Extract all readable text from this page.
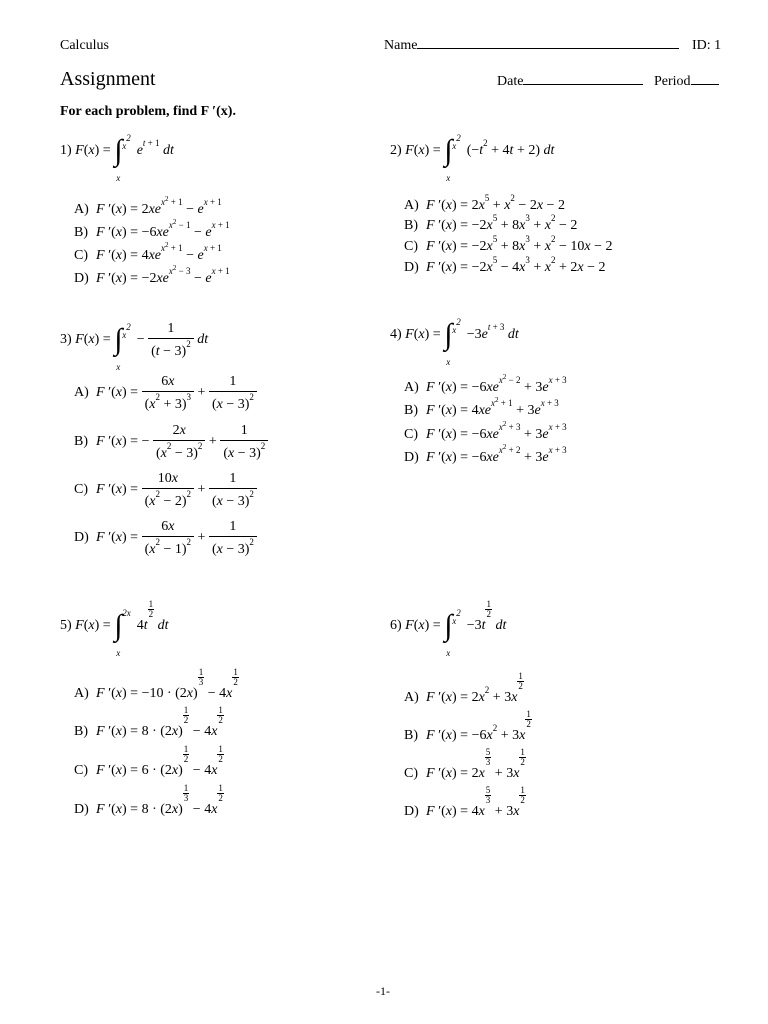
Calculus	Name	ID: 1
Assignment	Date	Period
For each problem, find F ′(x).
1) F(x) = ∫ $x^2$
x
$e^{t + 1}$ dt
A) F $'(x) = 2xe^{x^2 + 1} - e^{x + 1}$
B) F $'(x) = -6xe^{x^2 - 1} - e^{x + 1}$
C) F $'(x) = 4xe^{x^2 + 1} - e^{x + 1}$
D) F $'(x) = -2xe^{x^2 - 3} - e^{x + 1}$
2) F(x) = ∫ $x^2$
x
$(-t^2 + 4t + 2)$ dt
A) F $'(x) = 2x^5 + x^2 - 2x - 2$
B) F $'(x) = -2x^5 + 8x^3 + x^2 - 2$
C) F $'(x) = -2x^5 + 8x^3 + x^2 - 10x - 2$
D) F $'(x) = -2x^5 - 4x^3 + x^2 + 2x - 2$
3) F(x) = ∫ $x^2$
x
− $\frac{1}{(t - 3)^2}$ dt
A) F $'(x) = \frac{6x}{(x^2 + 3)^3} + \frac{1}{(x - 3)^2}$
B) F ′(x) = − $\frac{2x}{(x^2 - 3)^2} + \frac{1}{(x - 3)^2}$
C) F $'(x) = \frac{10x}{(x^2 - 2)^2} + \frac{1}{(x - 3)^2}$
D) F $'(x) = \frac{6x}{(x^2 - 1)^2} + \frac{1}{(x - 3)^2}$
4) F(x) = ∫ $x^2$
x
$-3e^{t + 3}$ dt
A) F $'(x) = -6xe^{x^2 - 2} + 3e^{x + 3}$
B) F $'(x) = 4xe^{x^2 + 1} + 3e^{x + 3}$
C) F $'(x) = -6xe^{x^2 + 3} + 3e^{x + 3}$
D) F $'(x) = -6xe^{x^2 + 2} + 3e^{x + 3}$
5) F(x) = ∫ 2x
x
4t
$\frac{1}{2}$
dt
A) F ′(x) = −10 · (2x)
$\frac{1}{3}$
− 4x
$\frac{1}{2}$
B) F ′(x) = 8 · (2x)
$\frac{1}{2}$
− 4x
$\frac{1}{2}$
C) F ′(x) = 6 · (2x)
$\frac{1}{2}$
− 4x
$\frac{1}{2}$
D) F ′(x) = 8 · (2x)
$\frac{1}{3}$
− 4x
$\frac{1}{2}$
6) F(x) = ∫ $x^2$
x
−3t
$\frac{1}{2}$
dt
A) F $'(x) = 2x^2 + 3x$
$\frac{1}{2}$
B) F $'(x) = -6x^2 + 3x$
$\frac{1}{2}$
C) F ′(x) = 2x
$\frac{5}{3}$
+ 3x
$\frac{1}{2}$
D) F ′(x) = 4x
$\frac{5}{3}$
+ 3x
$\frac{1}{2}$
-1-
